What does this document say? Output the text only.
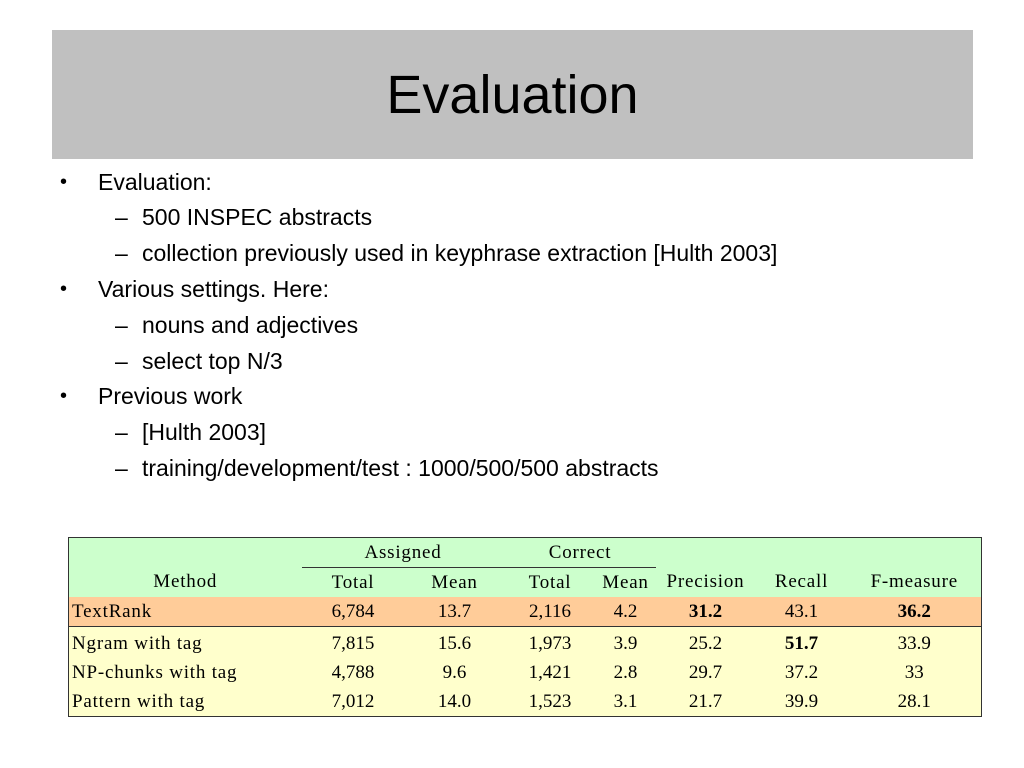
Evaluation
• Evaluation:
– 500 INSPEC abstracts
– collection previously used in keyphrase extraction [Hulth 2003]
• Various settings. Here:
– nouns and adjectives
– select top N/3
• Previous work
– [Hulth 2003]
– training/development/test : 1000/500/500 abstracts
	Assigned		Correct				
Method	Total	Mean	Total	Mean	Precision	Recall	F-measure
TextRank	6,784	13.7	2,116	4.2	31.2	43.1	36.2
Ngram with tag	7,815	15.6	1,973	3.9	25.2	51.7	33.9
NP-chunks with tag	4,788	9.6	1,421	2.8	29.7	37.2	33
Pattern with tag	7,012	14.0	1,523	3.1	21.7	39.9	28.1
